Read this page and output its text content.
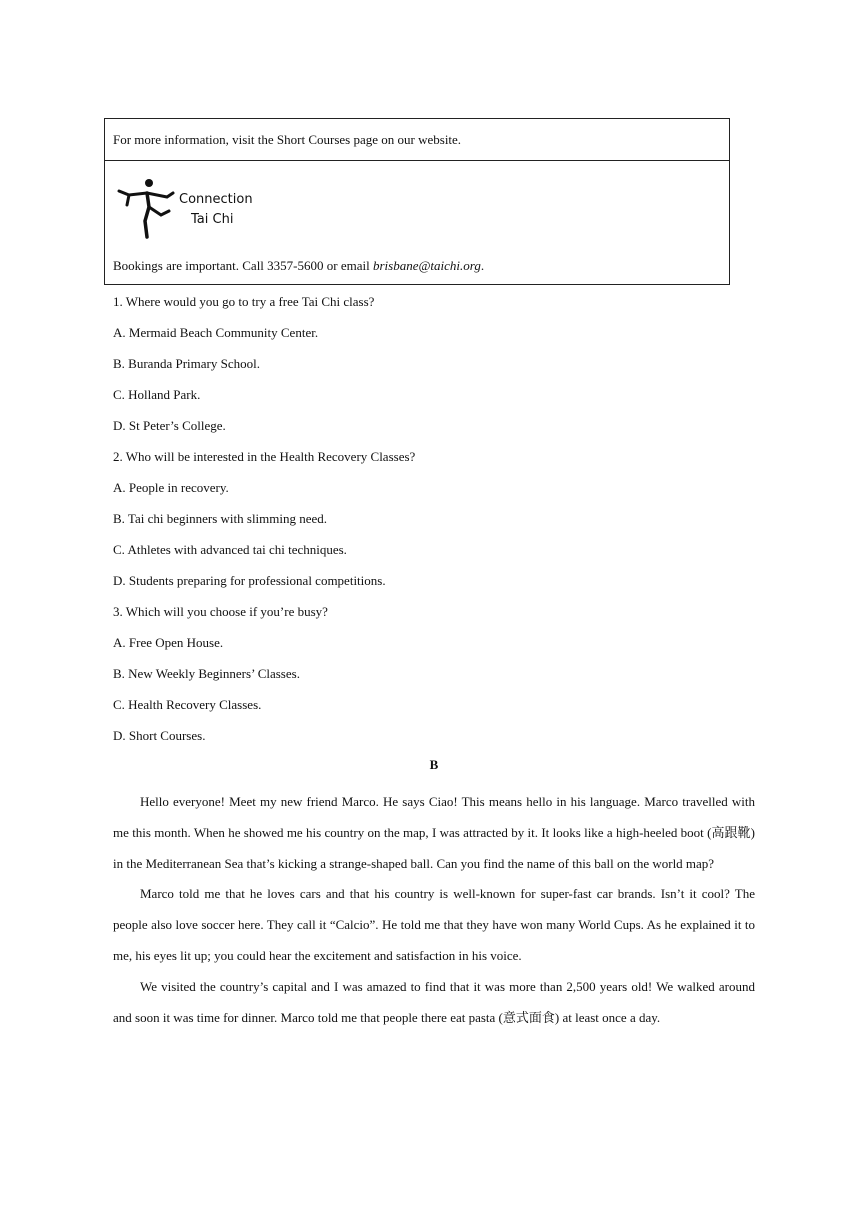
For more information, visit the Short Courses page on our website.
Connection
Tai Chi
Bookings are important. Call 3357-5600 or email brisbane@taichi.org.
1. Where would you go to try a free Tai Chi class?
A. Mermaid Beach Community Center.
B. Buranda Primary School.
C. Holland Park.
D. St Peter’s College.
2. Who will be interested in the Health Recovery Classes?
A. People in recovery.
B. Tai chi beginners with slimming need.
C. Athletes with advanced tai chi techniques.
D. Students preparing for professional competitions.
3. Which will you choose if you’re busy?
A. Free Open House.
B. New Weekly Beginners’ Classes.
C. Health Recovery Classes.
D. Short Courses.
B

Hello everyone! Meet my new friend Marco. He says Ciao! This means hello in his language. Marco travelled with me this month. When he showed me his country on the map, I was attracted by it. It looks like a high-heeled boot (高跟靴) in the Mediterranean Sea that’s kicking a strange-shaped ball. Can you find the name of this ball on the world map?

Marco told me that he loves cars and that his country is well-known for super-fast car brands. Isn’t it cool? The people also love soccer here. They call it “Calcio”. He told me that they have won many World Cups. As he explained it to me, his eyes lit up; you could hear the excitement and satisfaction in his voice.

We visited the country’s capital and I was amazed to find that it was more than 2,500 years old! We walked around and soon it was time for dinner. Marco told me that people there eat pasta (意式面食) at least once a day.
